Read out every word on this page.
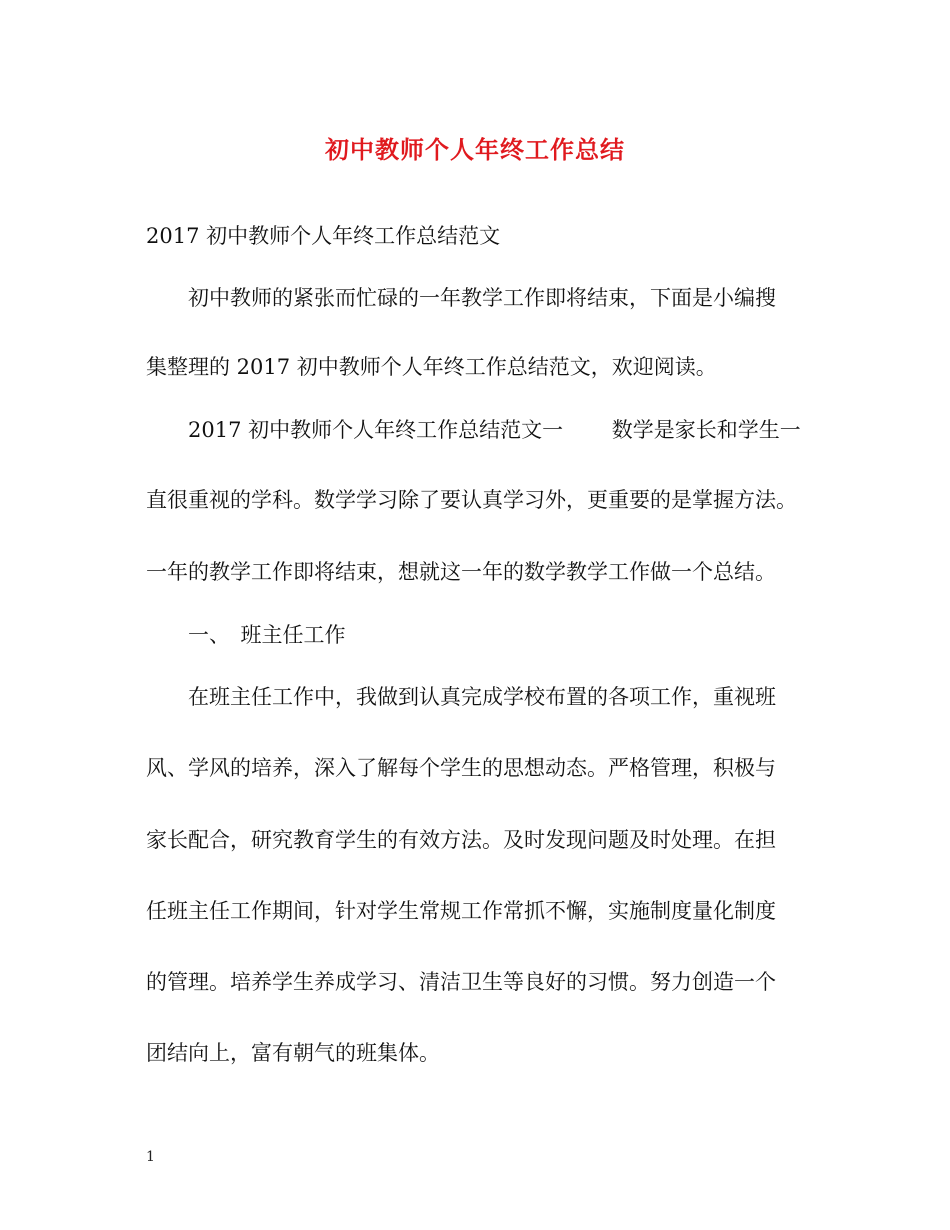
初中教师个人年终工作总结
2017 初中教师个人年终工作总结范文
初中教师的紧张而忙碌的一年教学工作即将结束，下面是小编搜
集整理的 2017 初中教师个人年终工作总结范文，欢迎阅读。
2017 初中教师个人年终工作总结范文一　　 数学是家长和学生一
直很重视的学科。数学学习除了要认真学习外，更重要的是掌握方法。
一年的教学工作即将结束，想就这一年的数学教学工作做一个总结。
一、　班主任工作
在班主任工作中，我做到认真完成学校布置的各项工作，重视班
风、学风的培养，深入了解每个学生的思想动态。严格管理，积极与
家长配合，研究教育学生的有效方法。及时发现问题及时处理。在担
任班主任工作期间，针对学生常规工作常抓不懈，实施制度量化制度
的管理。培养学生养成学习、清洁卫生等良好的习惯。努力创造一个
团结向上，富有朝气的班集体。
1
